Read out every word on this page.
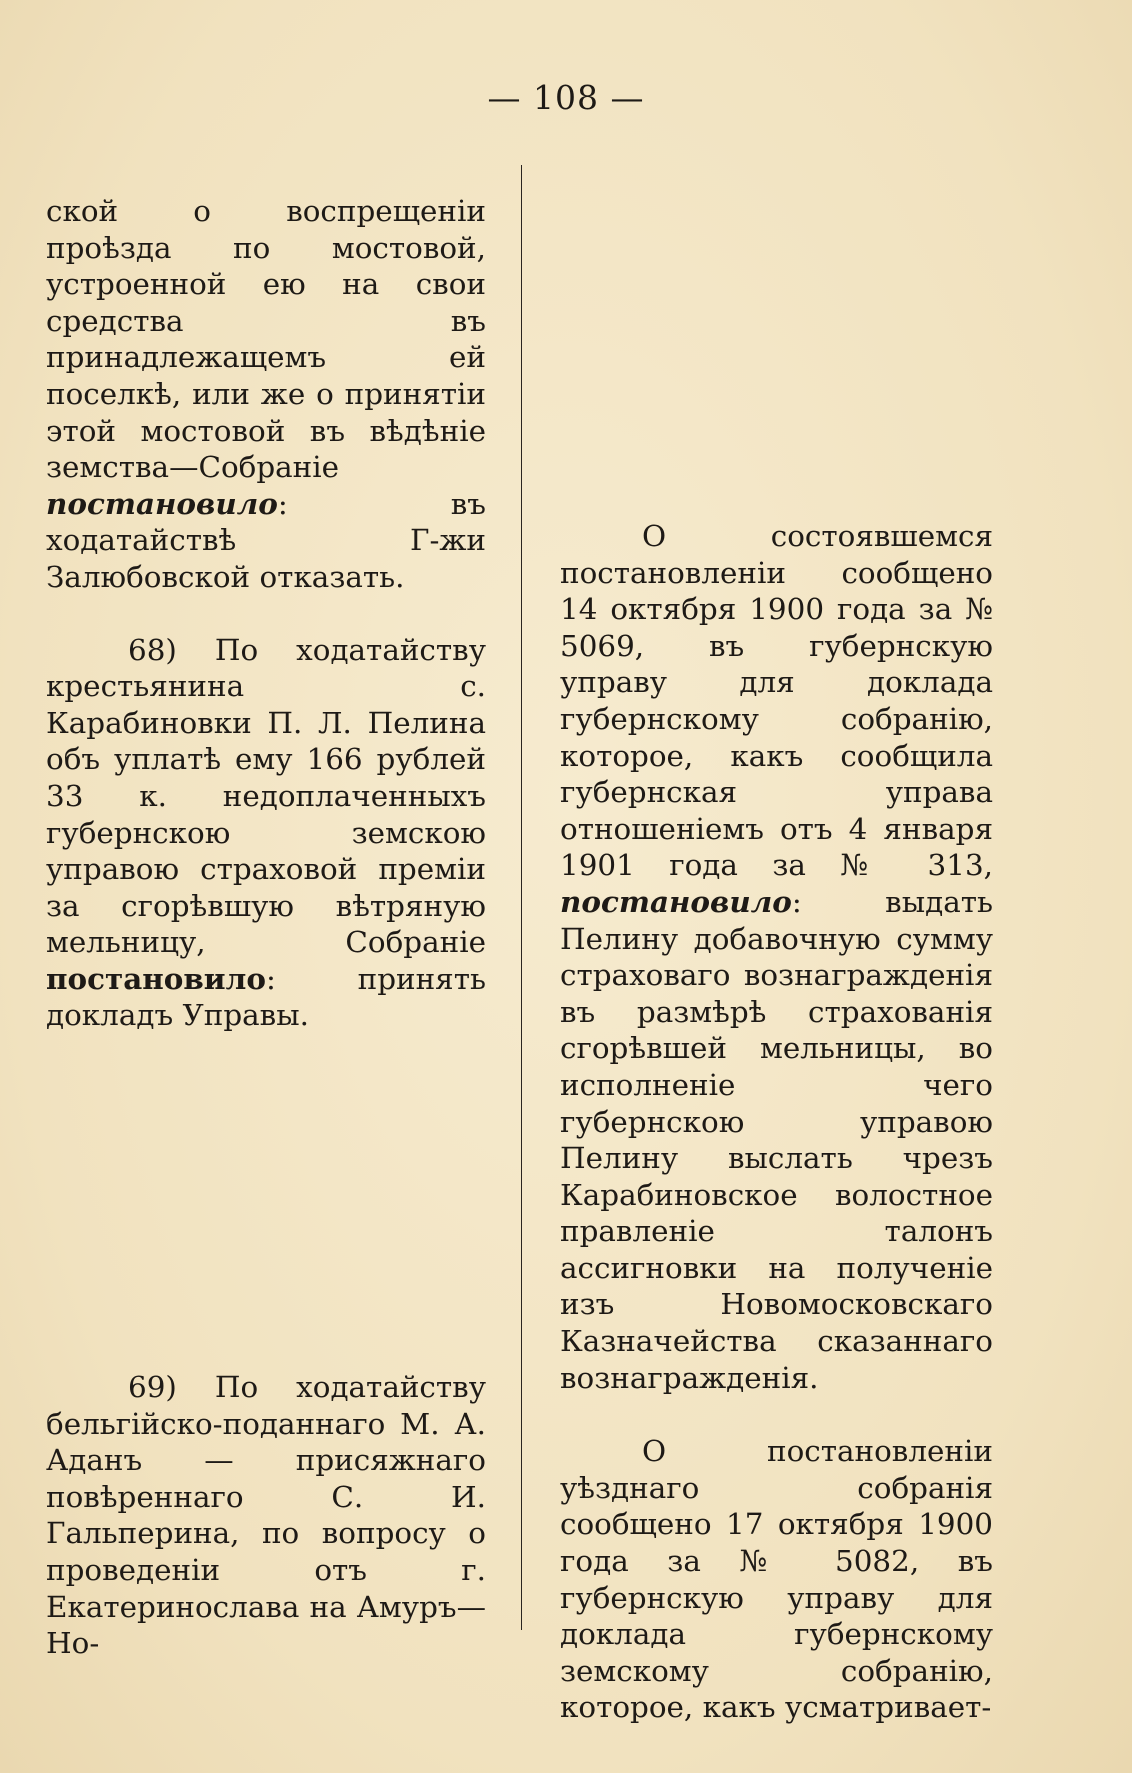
— 108 —

ской о воспрещеніи проѣзда по мостовой, устроенной ею на свои средства въ принадлежащемъ ей поселкѣ, или же о принятіи этой мостовой въ вѣдѣніе земства—Собраніе постановило: въ ходатайствѣ Г-жи Залюбовской отказать.

68) По ходатайству крестьянина с. Карабиновки П. Л. Пелина объ уплатѣ ему 166 рублей 33 к. недоплаченныхъ губернскою земскою управою страховой преміи за сгорѣвшую вѣтряную мельницу, Собраніе постановило: принять докладъ Управы.

69) По ходатайству бельгійско-поданнаго М. А. Аданъ — присяжнаго повѣреннаго С. И. Гальперина, по вопросу о проведеніи отъ г. Екатеринослава на Амуръ—Но-

О состоявшемся постановленіи сообщено 14 октября 1900 года за № 5069, въ губернскую управу для доклада губернскому собранію, которое, какъ сообщила губернская управа отношеніемъ отъ 4 января 1901 года за № 313, постановило: выдать Пелину добавочную сумму страховаго вознагражденія въ размѣрѣ страхованія сгорѣвшей мельницы, во исполненіе чего губернскою управою Пелину выслать чрезъ Карабиновское волостное правленіе талонъ ассигновки на полученіе изъ Новомосковскаго Казначейства сказаннаго вознагражденія.

О постановленіи уѣзднаго собранія сообщено 17 октября 1900 года за № 5082, въ губернскую управу для доклада губернскому земскому собранію, которое, какъ усматривает-
